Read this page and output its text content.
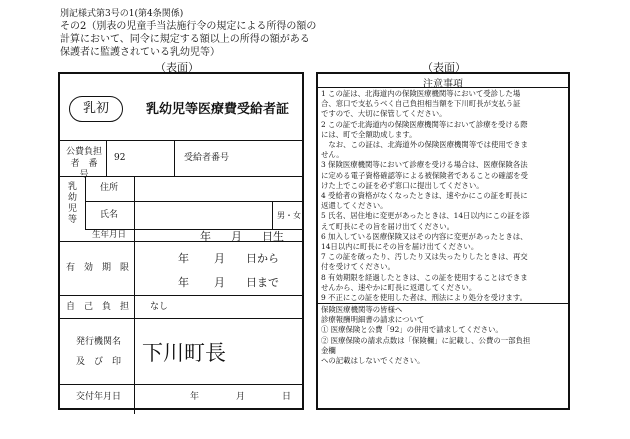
別記様式第3号の1(第4条関係)
その2（別表の児童手当法施行令の規定による所得の額の
計算において、同令に規定する額以上の所得の額がある
保護者に監護されている乳幼児等）
（表面）	（表面）
乳初	乳幼児等医療費受給者証
公費負担
者　番　号
92	受給者番号
乳
幼
児
等
住所
氏名	男・女
生年月日	年 月 日生
有　効　期　限
年 月 日から
年 月 日まで
自　己　負　担 なし
発行機関名
及　び　印 下川町長
交付年月日	年	月	日
注意事項
1 この証は、北海道内の保険医療機関等において受診した場
合、窓口で支払うべく自己負担相当額を下川町長が支払う証
ですので、大切に保管してください。
2 この証で北海道内の保険医療機関等において診療を受ける際
には、町で全額助成します。
　なお、この証は、北海道外の保険医療機関等では使用できま
せん。
3 保険医療機関等において診療を受ける場合は、医療保険各法
に定める電子資格確認等による被保険者であることの確認を受
けた上でこの証を必ず窓口に提出してください。
4 受給者の資格がなくなったときは、速やかにこの証を町長に
返還してください。
5 氏名、居住地に変更があったときは、14日以内にこの証を添
えて町長にその旨を届け出てください。
6 加入している医療保険又はその内容に変更があったときは、
14日以内に町長にその旨を届け出てください。
7 この証を破ったり、汚したり又は失ったりしたときは、再交
付を受けてください。
8 有効期限を経過したときは、この証を使用することはできま
せんから、速やかに町長に返還してください。
9 不正にこの証を使用した者は、刑法により処分を受けます。
保険医療機関等の皆様へ
診療報酬明細書の請求について
① 医療保険と公費「92」の併用で請求してください。
② 医療保険の請求点数は「保険欄」に記載し、公費の一部負担
金欄
への記載はしないでください。
